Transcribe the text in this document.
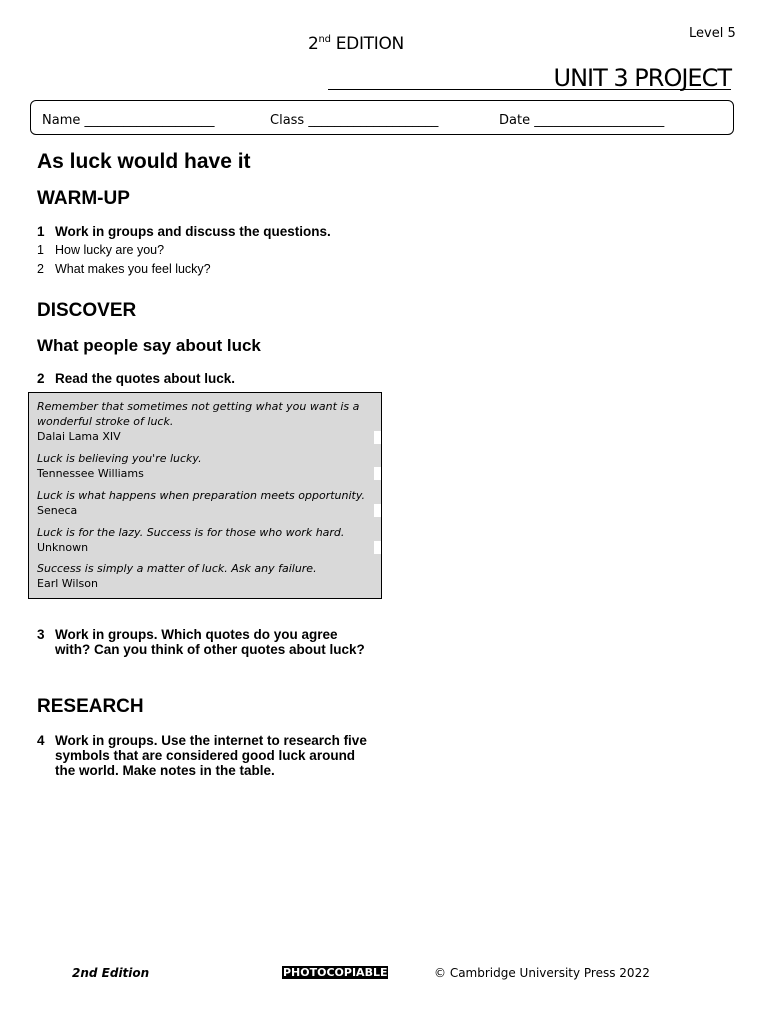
Level 5
2nd EDITION
UNIT 3 PROJECT
Name ____________________	Class ____________________	Date ____________________
As luck would have it
WARM-UP
1 Work in groups and discuss the questions.
1 How lucky are you?
2 What makes you feel lucky?
DISCOVER
What people say about luck
2 Read the quotes about luck.
Remember that sometimes not getting what you want is a wonderful stroke of luck.
Dalai Lama XIV
Luck is believing you're lucky.
Tennessee Williams
Luck is what happens when preparation meets opportunity.
Seneca
Luck is for the lazy. Success is for those who work hard.
Unknown
Success is simply a matter of luck. Ask any failure.
Earl Wilson
3 Work in groups. Which quotes do you agree with? Can you think of other quotes about luck?
RESEARCH
4 Work in groups. Use the internet to research five symbols that are considered good luck around the world. Make notes in the table.
2nd Edition	PHOTOCOPIABLE	© Cambridge University Press 2022
